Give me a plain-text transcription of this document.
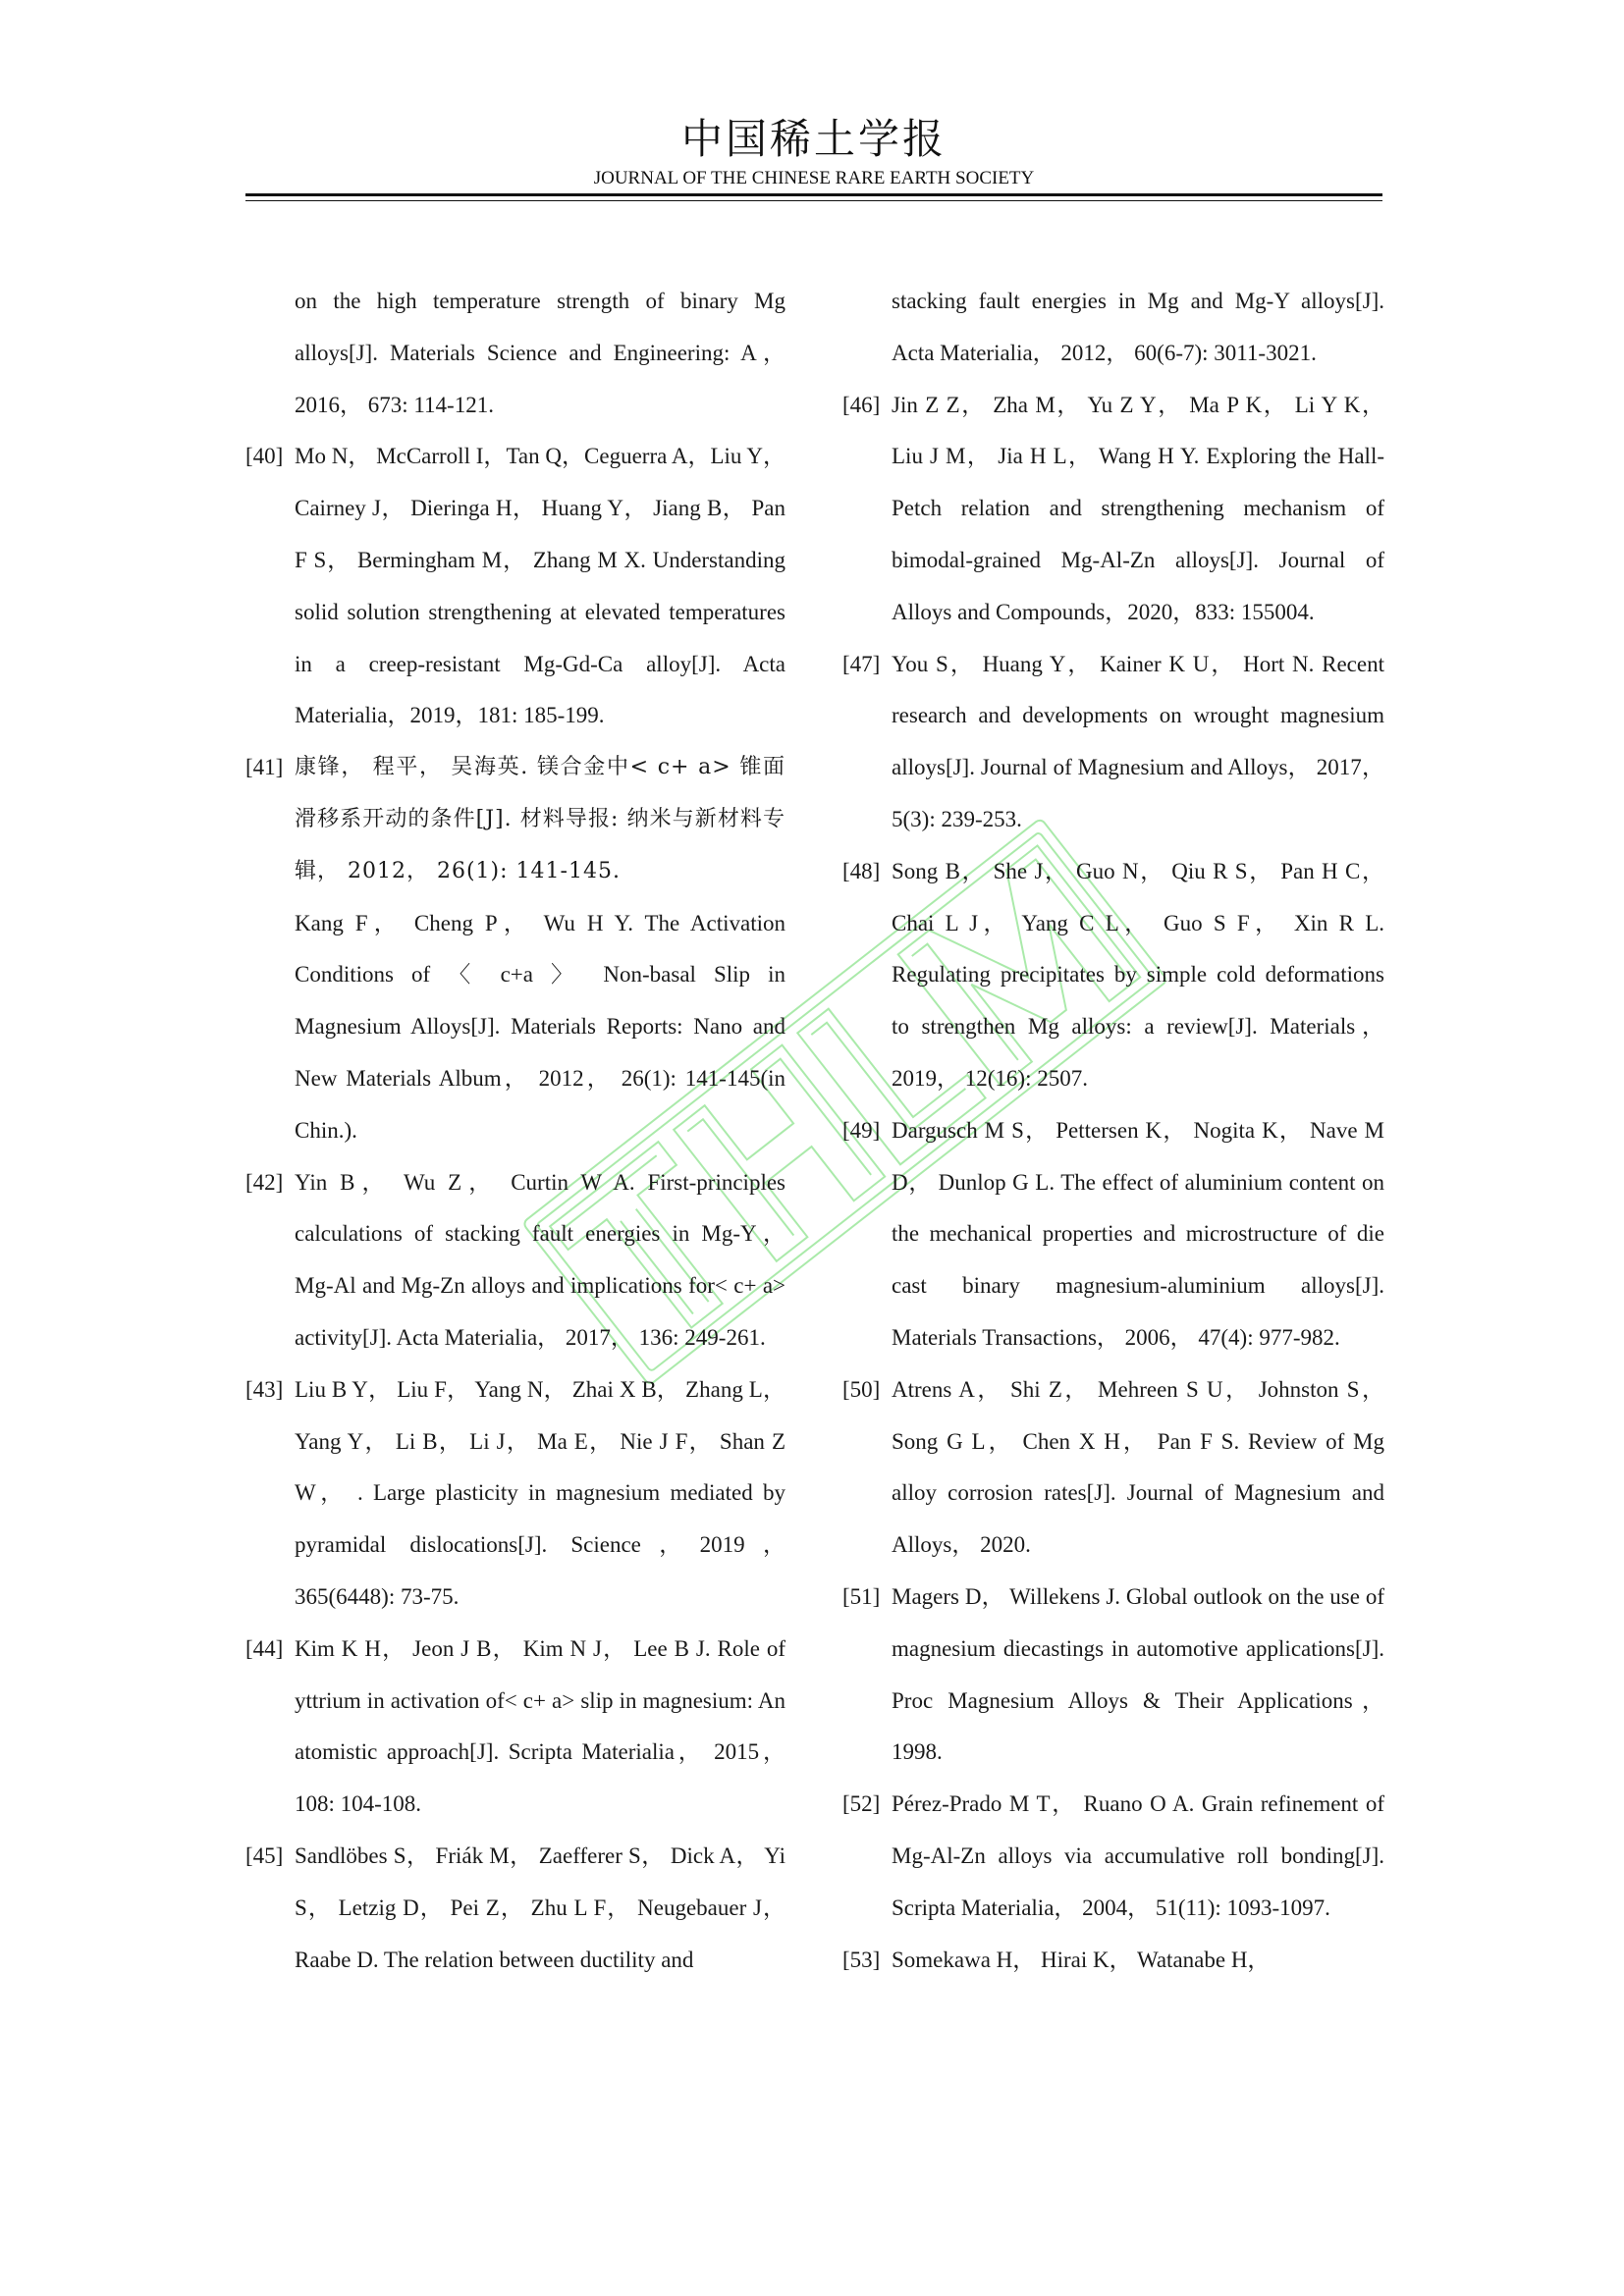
中国稀土学报
JOURNAL OF THE CHINESE RARE EARTH SOCIETY
on the high temperature strength of binary Mg alloys[J]. Materials Science and Engineering: A，2016， 673: 114-121.
[40] Mo N， McCarroll I，Tan Q，Ceguerra A，Liu Y， Cairney J， Dieringa H， Huang Y， Jiang B， Pan F S， Bermingham M， Zhang M X. Understanding solid solution strengthening at elevated temperatures in a creep-resistant Mg-Gd-Ca alloy[J]. Acta Materialia，2019，181: 185-199.
[41] 康锋， 程平， 吴海英. 镁合金中< c+ a> 锥面滑移系开动的条件[J]. 材料导报: 纳米与新材料专辑， 2012， 26(1): 141-145.
Kang F， Cheng P， Wu H Y. The Activation Conditions of 〈 c+a 〉 Non-basal Slip in Magnesium Alloys[J]. Materials Reports: Nano and New Materials Album， 2012， 26(1): 141-145(in Chin.).
[42] Yin B， Wu Z， Curtin W A. First-principles calculations of stacking fault energies in Mg-Y， Mg-Al and Mg-Zn alloys and implications for< c+ a> activity[J]. Acta Materialia， 2017， 136: 249-261.
[43] Liu B Y， Liu F， Yang N， Zhai X B， Zhang L， Yang Y， Li B， Li J， Ma E， Nie J F， Shan Z W， . Large plasticity in magnesium mediated by pyramidal dislocations[J]. Science，2019， 365(6448): 73-75.
[44] Kim K H， Jeon J B， Kim N J， Lee B J. Role of yttrium in activation of< c+ a> slip in magnesium: An atomistic approach[J]. Scripta Materialia， 2015， 108: 104-108.
[45] Sandlöbes S， Friák M， Zaefferer S， Dick A， Yi S， Letzig D， Pei Z， Zhu L F， Neugebauer J， Raabe D. The relation between ductility and
stacking fault energies in Mg and Mg-Y alloys[J]. Acta Materialia， 2012， 60(6-7): 3011-3021.
[46] Jin Z Z， Zha M， Yu Z Y， Ma P K， Li Y K， Liu J M， Jia H L， Wang H Y. Exploring the Hall-Petch relation and strengthening mechanism of bimodal-grained Mg-Al-Zn alloys[J]. Journal of Alloys and Compounds，2020，833: 155004.
[47] You S， Huang Y， Kainer K U， Hort N. Recent research and developments on wrought magnesium alloys[J]. Journal of Magnesium and Alloys， 2017， 5(3): 239-253.
[48] Song B， She J， Guo N， Qiu R S， Pan H C， Chai L J， Yang C L， Guo S F， Xin R L. Regulating precipitates by simple cold deformations to strengthen Mg alloys: a review[J]. Materials， 2019， 12(16): 2507.
[49] Dargusch M S， Pettersen K， Nogita K， Nave M D， Dunlop G L. The effect of aluminium content on the mechanical properties and microstructure of die cast binary magnesium-aluminium alloys[J]. Materials Transactions， 2006， 47(4): 977-982.
[50] Atrens A， Shi Z， Mehreen S U， Johnston S， Song G L， Chen X H， Pan F S. Review of Mg alloy corrosion rates[J]. Journal of Magnesium and Alloys， 2020.
[51] Magers D， Willekens J. Global outlook on the use of magnesium diecastings in automotive applications[J]. Proc Magnesium Alloys & Their Applications， 1998.
[52] Pérez-Prado M T， Ruano O A. Grain refinement of Mg-Al-Zn alloys via accumulative roll bonding[J]. Scripta Materialia， 2004， 51(11): 1093-1097.
[53] Somekawa H， Hirai K， Watanabe H，
